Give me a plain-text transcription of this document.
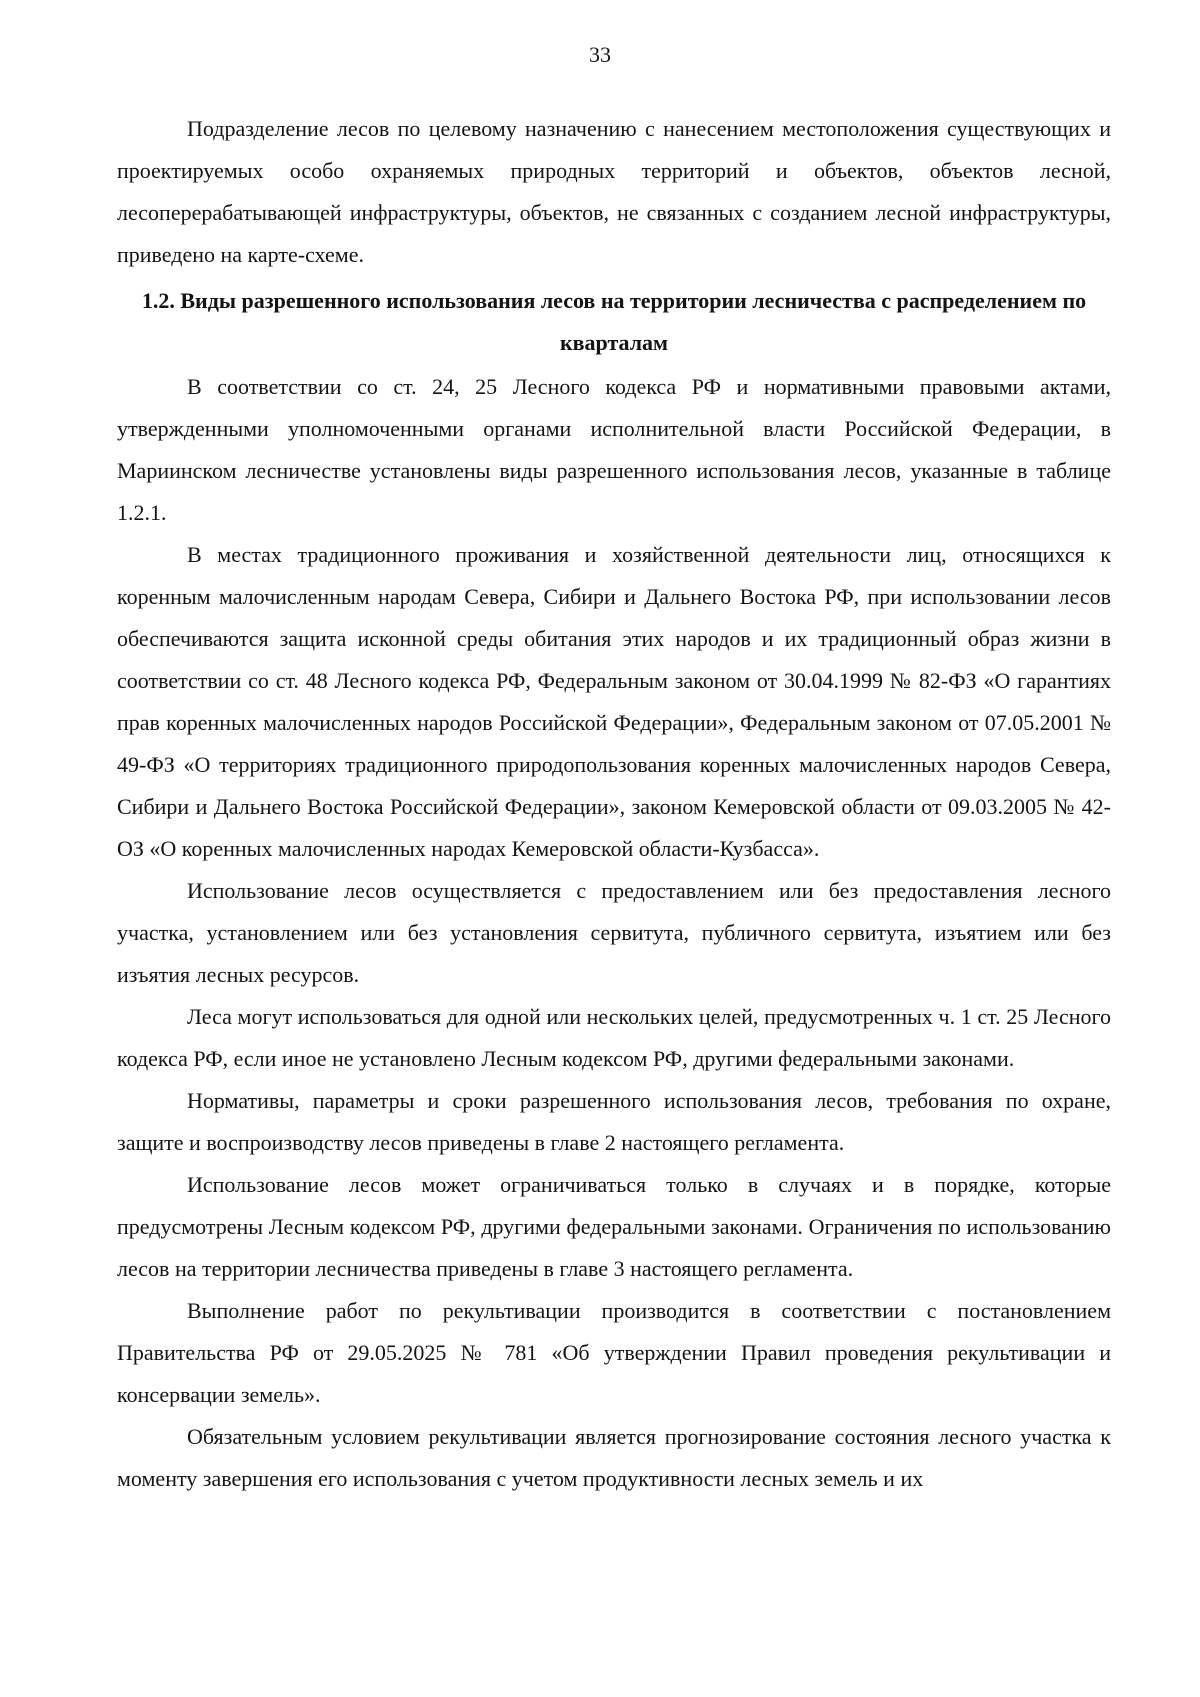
33

Подразделение лесов по целевому назначению с нанесением местоположения существующих и проектируемых особо охраняемых природных территорий и объектов, объектов лесной, лесоперерабатывающей инфраструктуры, объектов, не связанных с созданием лесной инфраструктуры, приведено на карте-схеме.

1.2. Виды разрешенного использования лесов на территории лесничества с распределением по кварталам

В соответствии со ст. 24, 25 Лесного кодекса РФ и нормативными правовыми актами, утвержденными уполномоченными органами исполнительной власти Российской Федерации, в Мариинском лесничестве установлены виды разрешенного использования лесов, указанные в таблице 1.2.1.

В местах традиционного проживания и хозяйственной деятельности лиц, относящихся к коренным малочисленным народам Севера, Сибири и Дальнего Востока РФ, при использовании лесов обеспечиваются защита исконной среды обитания этих народов и их традиционный образ жизни в соответствии со ст. 48 Лесного кодекса РФ, Федеральным законом от 30.04.1999 № 82-ФЗ «О гарантиях прав коренных малочисленных народов Российской Федерации», Федеральным законом от 07.05.2001 № 49-ФЗ «О территориях традиционного природопользования коренных малочисленных народов Севера, Сибири и Дальнего Востока Российской Федерации», законом Кемеровской области от 09.03.2005 № 42-ОЗ «О коренных малочисленных народах Кемеровской области-Кузбасса».

Использование лесов осуществляется с предоставлением или без предоставления лесного участка, установлением или без установления сервитута, публичного сервитута, изъятием или без изъятия лесных ресурсов.

Леса могут использоваться для одной или нескольких целей, предусмотренных ч. 1 ст. 25 Лесного кодекса РФ, если иное не установлено Лесным кодексом РФ, другими федеральными законами.

Нормативы, параметры и сроки разрешенного использования лесов, требования по охране, защите и воспроизводству лесов приведены в главе 2 настоящего регламента.

Использование лесов может ограничиваться только в случаях и в порядке, которые предусмотрены Лесным кодексом РФ, другими федеральными законами. Ограничения по использованию лесов на территории лесничества приведены в главе 3 настоящего регламента.

Выполнение работ по рекультивации производится в соответствии с постановлением Правительства РФ от 29.05.2025 № 781 «Об утверждении Правил проведения рекультивации и консервации земель».

Обязательным условием рекультивации является прогнозирование состояния лесного участка к моменту завершения его использования с учетом продуктивности лесных земель и их
